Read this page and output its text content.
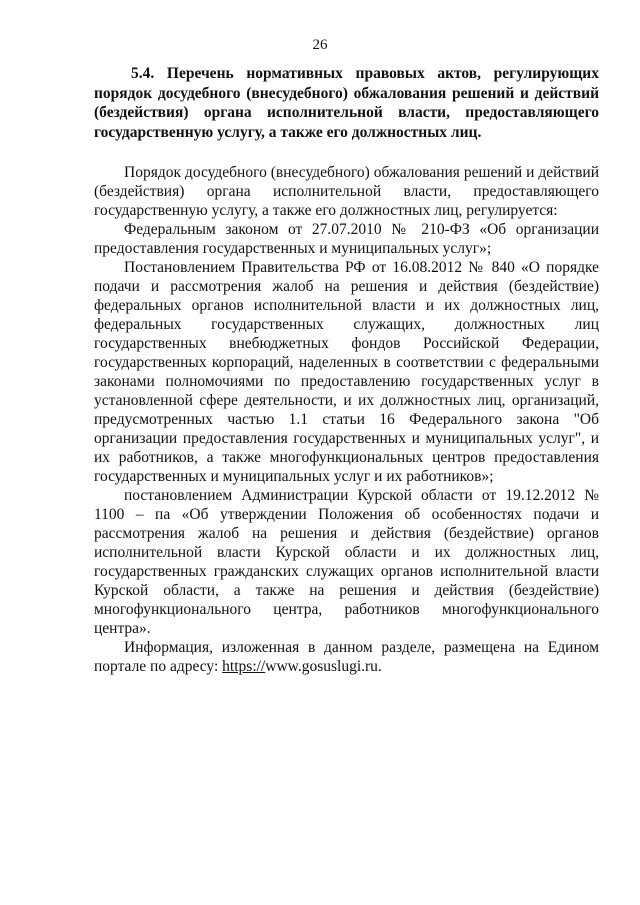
26
5.4. Перечень нормативных правовых актов, регулирующих порядок досудебного (внесудебного) обжалования решений и действий (бездействия) органа исполнительной власти, предоставляющего государственную услугу, а также его должностных лиц.

Порядок досудебного (внесудебного) обжалования решений и действий (бездействия) органа исполнительной власти, предоставляющего государственную услугу, а также его должностных лиц, регулируется:

Федеральным законом от 27.07.2010 № 210-ФЗ «Об организации предоставления государственных и муниципальных услуг»;

Постановлением Правительства РФ от 16.08.2012 № 840 «О порядке подачи и рассмотрения жалоб на решения и действия (бездействие) федеральных органов исполнительной власти и их должностных лиц, федеральных государственных служащих, должностных лиц государственных внебюджетных фондов Российской Федерации, государственных корпораций, наделенных в соответствии с федеральными законами полномочиями по предоставлению государственных услуг в установленной сфере деятельности, и их должностных лиц, организаций, предусмотренных частью 1.1 статьи 16 Федерального закона "Об организации предоставления государственных и муниципальных услуг", и их работников, а также многофункциональных центров предоставления государственных и муниципальных услуг и их работников»;

постановлением Администрации Курской области от 19.12.2012 № 1100 – па «Об утверждении Положения об особенностях подачи и рассмотрения жалоб на решения и действия (бездействие) органов исполнительной власти Курской области и их должностных лиц, государственных гражданских служащих органов исполнительной власти Курской области, а также на решения и действия (бездействие) многофункционального центра, работников многофункционального центра».

Информация, изложенная в данном разделе, размещена на Едином портале по адресу: https://www.gosuslugi.ru.
